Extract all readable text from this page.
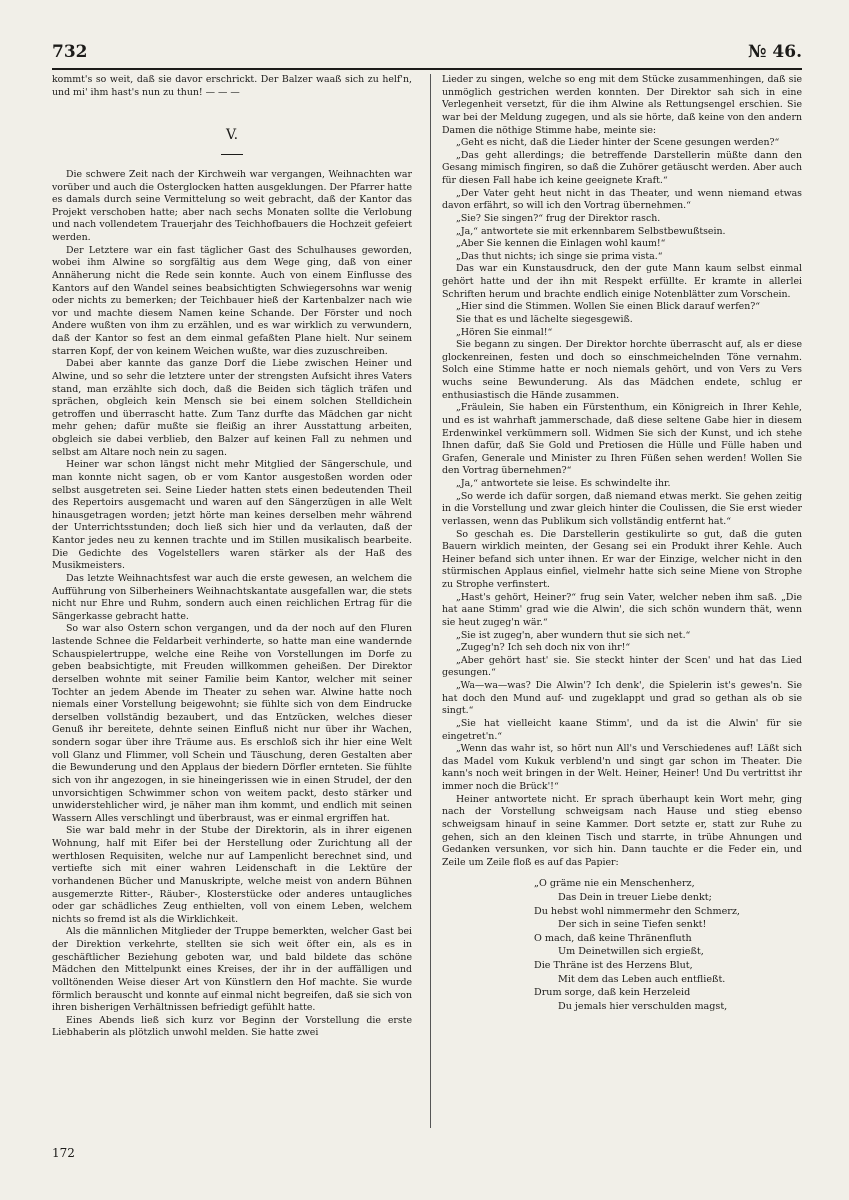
732	№ 46.

kommt's so weit, daß sie davor erschrickt. Der Balzer waaß sich zu helf'n, und mi' ihm hast's nun zu thun! — — —

V.

Die schwere Zeit nach der Kirchweih war vergangen, Weihnachten war vorüber und auch die Osterglocken hatten ausgeklungen. Der Pfarrer hatte es damals durch seine Vermittelung so weit gebracht, daß der Kantor das Projekt verschoben hatte; aber nach sechs Monaten sollte die Verlobung und nach vollendetem Trauerjahr des Teichhofbauers die Hochzeit gefeiert werden.

Der Letztere war ein fast täglicher Gast des Schulhauses geworden, wobei ihm Alwine so sorgfältig aus dem Wege ging, daß von einer Annäherung nicht die Rede sein konnte. Auch von einem Einflusse des Kantors auf den Wandel seines beabsichtigten Schwiegersohns war wenig oder nichts zu bemerken; der Teichbauer hieß der Kartenbalzer nach wie vor und machte diesem Namen keine Schande. Der Förster und noch Andere wußten von ihm zu erzählen, und es war wirklich zu verwundern, daß der Kantor so fest an dem einmal gefaßten Plane hielt. Nur seinem starren Kopf, der von keinem Weichen wußte, war dies zuzuschreiben.

Dabei aber kannte das ganze Dorf die Liebe zwischen Heiner und Alwine, und so sehr die letztere unter der strengsten Aufsicht ihres Vaters stand, man erzählte sich doch, daß die Beiden sich täglich träfen und sprächen, obgleich kein Mensch sie bei einem solchen Stelldichein getroffen und überrascht hatte. Zum Tanz durfte das Mädchen gar nicht mehr gehen; dafür mußte sie fleißig an ihrer Ausstattung arbeiten, obgleich sie dabei verblieb, den Balzer auf keinen Fall zu nehmen und selbst am Altare noch nein zu sagen.

Heiner war schon längst nicht mehr Mitglied der Sängerschule, und man konnte nicht sagen, ob er vom Kantor ausgestoßen worden oder selbst ausgetreten sei. Seine Lieder hatten stets einen bedeutenden Theil des Repertoirs ausgemacht und waren auf den Sängerzügen in alle Welt hinausgetragen worden; jetzt hörte man keines derselben mehr während der Unterrichtsstunden; doch ließ sich hier und da verlauten, daß der Kantor jedes neu zu kennen trachte und im Stillen musikalisch bearbeite. Die Gedichte des Vogelstellers waren stärker als der Haß des Musikmeisters.

Das letzte Weihnachtsfest war auch die erste gewesen, an welchem die Aufführung von Silberheiners Weihnachtskantate ausgefallen war, die stets nicht nur Ehre und Ruhm, sondern auch einen reichlichen Ertrag für die Sängerkasse gebracht hatte.

So war also Ostern schon vergangen, und da der noch auf den Fluren lastende Schnee die Feldarbeit verhinderte, so hatte man eine wandernde Schauspielertruppe, welche eine Reihe von Vorstellungen im Dorfe zu geben beabsichtigte, mit Freuden willkommen geheißen. Der Direktor derselben wohnte mit seiner Familie beim Kantor, welcher mit seiner Tochter an jedem Abende im Theater zu sehen war. Alwine hatte noch niemals einer Vorstellung beigewohnt; sie fühlte sich von dem Eindrucke derselben vollständig bezaubert, und das Entzücken, welches dieser Genuß ihr bereitete, dehnte seinen Einfluß nicht nur über ihr Wachen, sondern sogar über ihre Träume aus. Es erschloß sich ihr hier eine Welt voll Glanz und Flimmer, voll Schein und Täuschung, deren Gestalten aber die Bewunderung und den Applaus der biedern Dörfler ernteten. Sie fühlte sich von ihr angezogen, in sie hineingerissen wie in einen Strudel, der den unvorsichtigen Schwimmer schon von weitem packt, desto stärker und unwiderstehlicher wird, je näher man ihm kommt, und endlich mit seinen Wassern Alles verschlingt und überbraust, was er einmal ergriffen hat.

Sie war bald mehr in der Stube der Direktorin, als in ihrer eigenen Wohnung, half mit Eifer bei der Herstellung oder Zurichtung all der werthlosen Requisiten, welche nur auf Lampenlicht berechnet sind, und vertiefte sich mit einer wahren Leidenschaft in die Lektüre der vorhandenen Bücher und Manuskripte, welche meist von andern Bühnen ausgemerzte Ritter-, Räuber-, Klosterstücke oder anderes untaugliches oder gar schädliches Zeug enthielten, voll von einem Leben, welchem nichts so fremd ist als die Wirklichkeit.

Als die männlichen Mitglieder der Truppe bemerkten, welcher Gast bei der Direktion verkehrte, stellten sie sich weit öfter ein, als es in geschäftlicher Beziehung geboten war, und bald bildete das schöne Mädchen den Mittelpunkt eines Kreises, der ihr in der auffälligen und volltönenden Weise dieser Art von Künstlern den Hof machte. Sie wurde förmlich berauscht und konnte auf einmal nicht begreifen, daß sie sich von ihren bisherigen Verhältnissen befriedigt gefühlt hatte.

Eines Abends ließ sich kurz vor Beginn der Vorstellung die erste Liebhaberin als plötzlich unwohl melden. Sie hatte zwei

Lieder zu singen, welche so eng mit dem Stücke zusammenhingen, daß sie unmöglich gestrichen werden konnten. Der Direktor sah sich in eine Verlegenheit versetzt, für die ihm Alwine als Rettungsengel erschien. Sie war bei der Meldung zugegen, und als sie hörte, daß keine von den andern Damen die nöthige Stimme habe, meinte sie:

„Geht es nicht, daß die Lieder hinter der Scene gesungen werden?“

„Das geht allerdings; die betreffende Darstellerin müßte dann den Gesang mimisch fingiren, so daß die Zuhörer getäuscht werden. Aber auch für diesen Fall habe ich keine geeignete Kraft.“

„Der Vater geht heut nicht in das Theater, und wenn niemand etwas davon erfährt, so will ich den Vortrag übernehmen.“

„Sie? Sie singen?“ frug der Direktor rasch.

„Ja,“ antwortete sie mit erkennbarem Selbstbewußtsein.

„Aber Sie kennen die Einlagen wohl kaum!“

„Das thut nichts; ich singe sie prima vista.“

Das war ein Kunstausdruck, den der gute Mann kaum selbst einmal gehört hatte und der ihn mit Respekt erfüllte. Er kramte in allerlei Schriften herum und brachte endlich einige Notenblätter zum Vorschein.

„Hier sind die Stimmen. Wollen Sie einen Blick darauf werfen?“

Sie that es und lächelte siegesgewiß.

„Hören Sie einmal!“

Sie begann zu singen. Der Direktor horchte überrascht auf, als er diese glockenreinen, festen und doch so einschmeichelnden Töne vernahm. Solch eine Stimme hatte er noch niemals gehört, und von Vers zu Vers wuchs seine Bewunderung. Als das Mädchen endete, schlug er enthusiastisch die Hände zusammen.

„Fräulein, Sie haben ein Fürstenthum, ein Königreich in Ihrer Kehle, und es ist wahrhaft jammerschade, daß diese seltene Gabe hier in diesem Erdenwinkel verkümmern soll. Widmen Sie sich der Kunst, und ich stehe Ihnen dafür, daß Sie Gold und Pretiosen die Hülle und Fülle haben und Grafen, Generale und Minister zu Ihren Füßen sehen werden! Wollen Sie den Vortrag übernehmen?“

„Ja,“ antwortete sie leise. Es schwindelte ihr.

„So werde ich dafür sorgen, daß niemand etwas merkt. Sie gehen zeitig in die Vorstellung und zwar gleich hinter die Coulissen, die Sie erst wieder verlassen, wenn das Publikum sich vollständig entfernt hat.“

So geschah es. Die Darstellerin gestikulirte so gut, daß die guten Bauern wirklich meinten, der Gesang sei ein Produkt ihrer Kehle. Auch Heiner befand sich unter ihnen. Er war der Einzige, welcher nicht in den stürmischen Applaus einfiel, vielmehr hatte sich seine Miene von Strophe zu Strophe verfinstert.

„Hast's gehört, Heiner?“ frug sein Vater, welcher neben ihm saß. „Die hat aane Stimm' grad wie die Alwin', die sich schön wundern thät, wenn sie heut zugeg'n wär.“

„Sie ist zugeg'n, aber wundern thut sie sich net.“

„Zugeg'n? Ich seh doch nix von ihr!“

„Aber gehört hast' sie. Sie steckt hinter der Scen' und hat das Lied gesungen.“

„Wa—wa—was? Die Alwin'? Ich denk', die Spielerin ist's gewes'n. Sie hat doch den Mund auf- und zugeklappt und grad so gethan als ob sie singt.“

„Sie hat vielleicht kaane Stimm', und da ist die Alwin' für sie eingetret'n.“

„Wenn das wahr ist, so hört nun All's und Verschiedenes auf! Läßt sich das Madel vom Kukuk verblend'n und singt gar schon im Theater. Die kann's noch weit bringen in der Welt. Heiner, Heiner! Und Du vertrittst ihr immer noch die Brück'!“

Heiner antwortete nicht. Er sprach überhaupt kein Wort mehr, ging nach der Vorstellung schweigsam nach Hause und stieg ebenso schweigsam hinauf in seine Kammer. Dort setzte er, statt zur Ruhe zu gehen, sich an den kleinen Tisch und starrte, in trübe Ahnungen und Gedanken versunken, vor sich hin. Dann tauchte er die Feder ein, und Zeile um Zeile floß es auf das Papier:

„O gräme nie ein Menschenherz,
Das Dein in treuer Liebe denkt;
Du hebst wohl nimmermehr den Schmerz,
Der sich in seine Tiefen senkt!
O mach, daß keine Thränenfluth
Um Deinetwillen sich ergießt,
Die Thräne ist des Herzens Blut,
Mit dem das Leben auch entfließt.
Drum sorge, daß kein Herzeleid
Du jemals hier verschulden magst,
172
